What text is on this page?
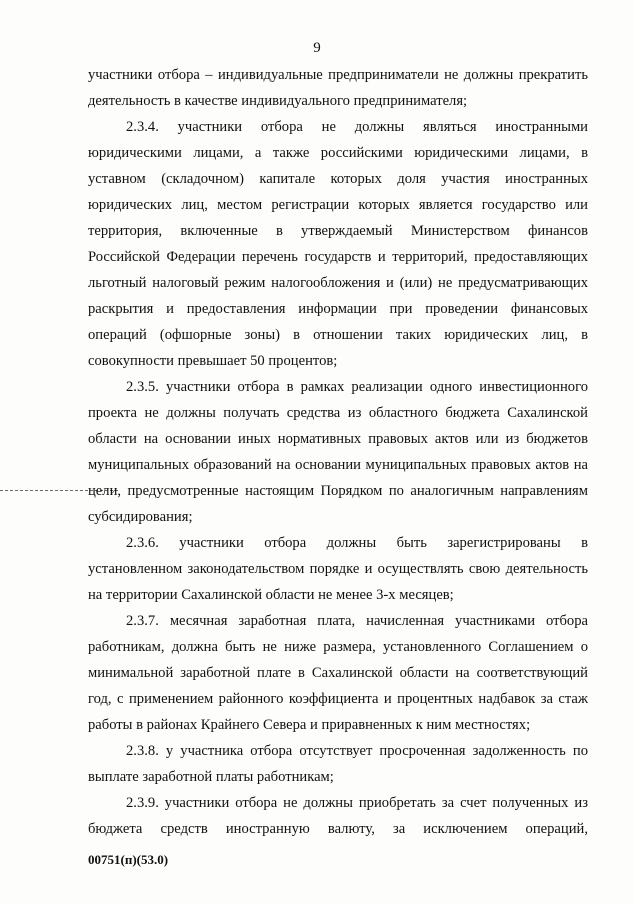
9
участники отбора – индивидуальные предприниматели не должны прекратить
деятельность в качестве индивидуального предпринимателя;
2.3.4. участники отбора не должны являться иностранными
юридическими лицами, а также российскими юридическими лицами, в
уставном (складочном) капитале которых доля участия иностранных
юридических лиц, местом регистрации которых является государство или
территория, включенные в утверждаемый Министерством финансов
Российской Федерации перечень государств и территорий, предоставляющих
льготный налоговый режим налогообложения и (или) не предусматривающих
раскрытия и предоставления информации при проведении финансовых
операций (офшорные зоны) в отношении таких юридических лиц, в
совокупности превышает 50 процентов;
2.3.5. участники отбора в рамках реализации одного инвестиционного
проекта не должны получать средства из областного бюджета Сахалинской
области на основании иных нормативных правовых актов или из бюджетов
муниципальных образований на основании муниципальных правовых актов на
цели, предусмотренные настоящим Порядком по аналогичным направлениям
субсидирования;
2.3.6. участники отбора должны быть зарегистрированы в
установленном законодательством порядке и осуществлять свою деятельность
на территории Сахалинской области не менее 3-х месяцев;
2.3.7. месячная заработная плата, начисленная участниками отбора
работникам, должна быть не ниже размера, установленного Соглашением о
минимальной заработной плате в Сахалинской области на соответствующий
год, с применением районного коэффициента и процентных надбавок за стаж
работы в районах Крайнего Севера и приравненных к ним местностях;
2.3.8. у участника отбора отсутствует просроченная задолженность по
выплате заработной платы работникам;
2.3.9. участники отбора не должны приобретать за счет полученных из
бюджета средств иностранную валюту, за исключением операций,
00751(п)(53.0)
